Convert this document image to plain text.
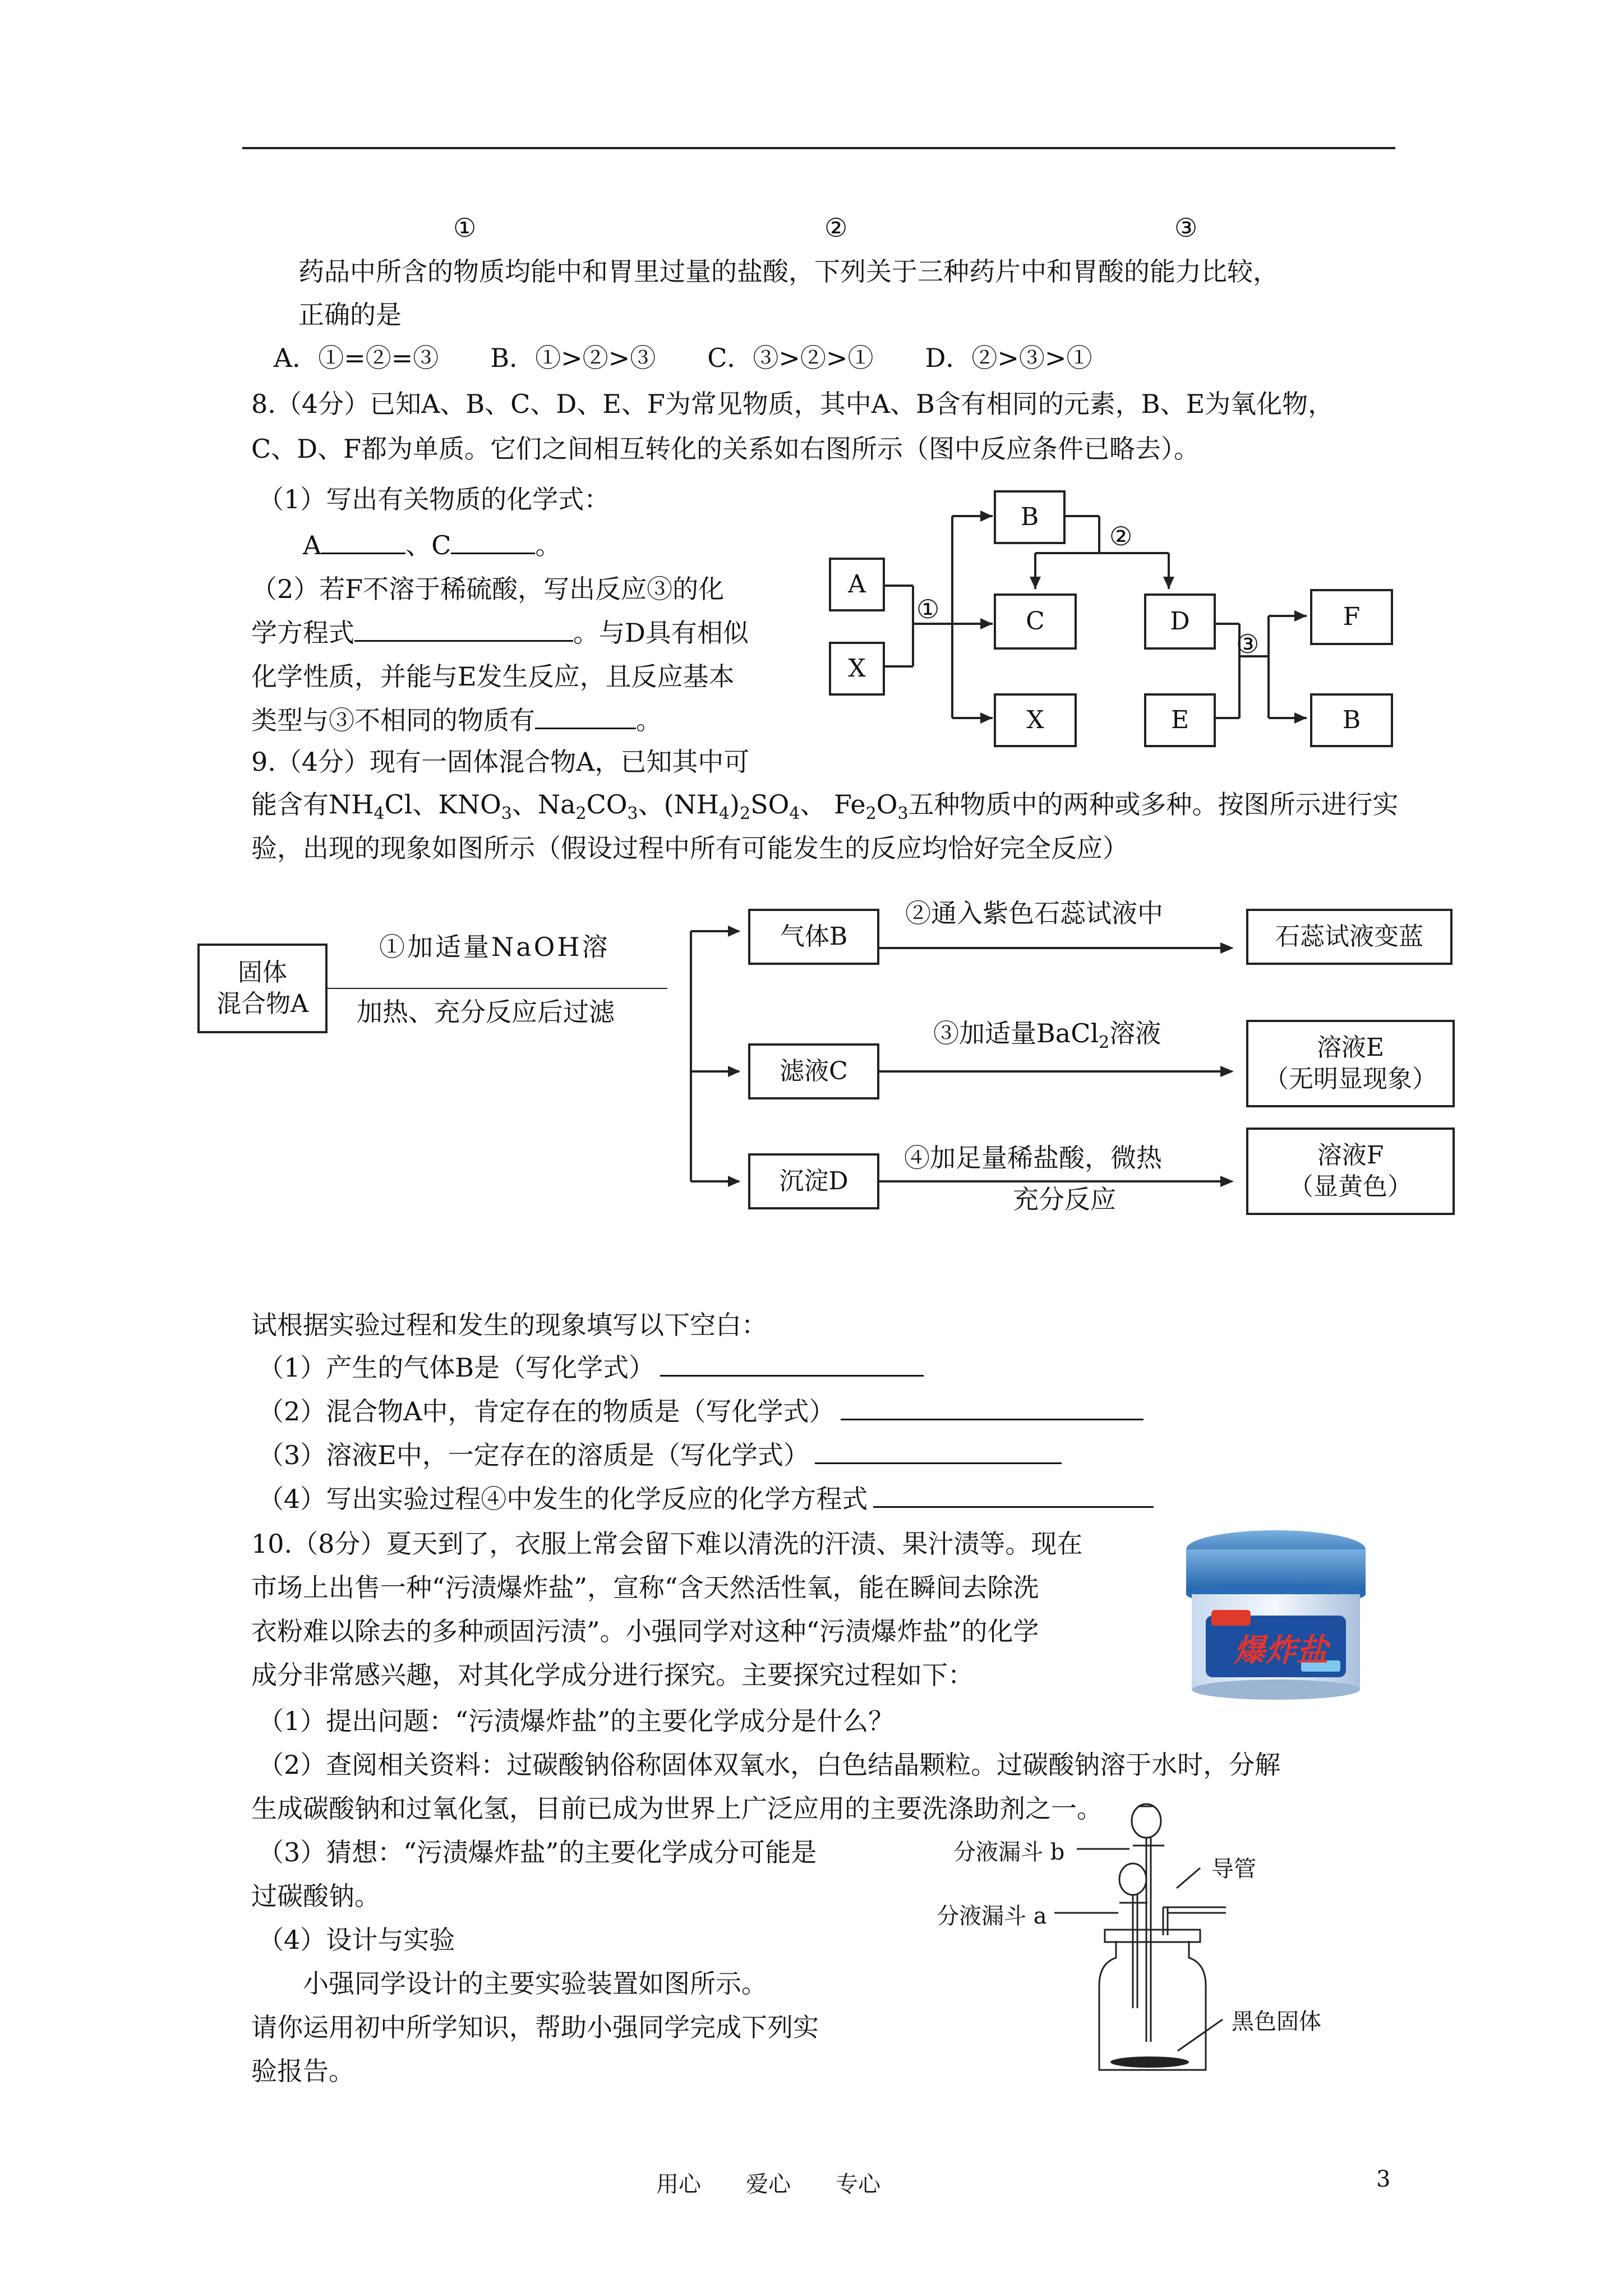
①	②	③
药品中所含的物质均能中和胃里过量的盐酸，下列关于三种药片中和胃酸的能力比较，
正确的是
A．①=②=③　　B．①>②>③　　C．③>②>①　　D．②>③>①
8.（4分）已知A、B、C、D、E、F为常见物质，其中A、B含有相同的元素，B、E为氧化物，
C、D、F都为单质。它们之间相互转化的关系如右图所示（图中反应条件已略去）。
（1）写出有关物质的化学式：
A	、C	。
（2）若F不溶于稀硫酸，写出反应③的化
学方程式	。与D具有相似
化学性质，并能与E发生反应，且反应基本
类型与③不相同的物质有	。
A
X
B
C
X
D
E
F
B
①
②
③
9.（4分）现有一固体混合物A，已知其中可
能含有$NH_4Cl$、$KNO_3$、$Na_2CO_3$、$(NH_4)_2SO_4$、 $Fe_2O_3$五种物质中的两种或多种。按图所示进行实
验，出现的现象如图所示（假设过程中所有可能发生的反应均恰好完全反应）
固体
混合物A
①加适量NaOH溶
加热、充分反应后过滤
气体B
滤液C
沉淀D
②通入紫色石蕊试液中
③加适量BaCl$_2$溶液
④加足量稀盐酸，微热
充分反应
石蕊试液变蓝
溶液E
（无明显现象）
溶液F
（显黄色）
试根据实验过程和发生的现象填写以下空白：
（1）产生的气体B是（写化学式）
（2）混合物A中，肯定存在的物质是（写化学式）
（3）溶液E中，一定存在的溶质是（写化学式）
（4）写出实验过程④中发生的化学反应的化学方程式
10.（8分）夏天到了，衣服上常会留下难以清洗的汗渍、果汁渍等。现在
市场上出售一种“污渍爆炸盐”，宣称“含天然活性氧，能在瞬间去除洗
衣粉难以除去的多种顽固污渍”。小强同学对这种“污渍爆炸盐”的化学
成分非常感兴趣，对其化学成分进行探究。主要探究过程如下：
爆炸盐
（1）提出问题：“污渍爆炸盐”的主要化学成分是什么？
（2）查阅相关资料：过碳酸钠俗称固体双氧水，白色结晶颗粒。过碳酸钠溶于水时，分解
生成碳酸钠和过氧化氢，目前已成为世界上广泛应用的主要洗涤助剂之一。
（3）猜想：“污渍爆炸盐”的主要化学成分可能是
过碳酸钠。
（4）设计与实验
小强同学设计的主要实验装置如图所示。
请你运用初中所学知识，帮助小强同学完成下列实
验报告。
分液漏斗 b
分液漏斗 a
导管
黑色固体
用心　　爱心　　专心	3
